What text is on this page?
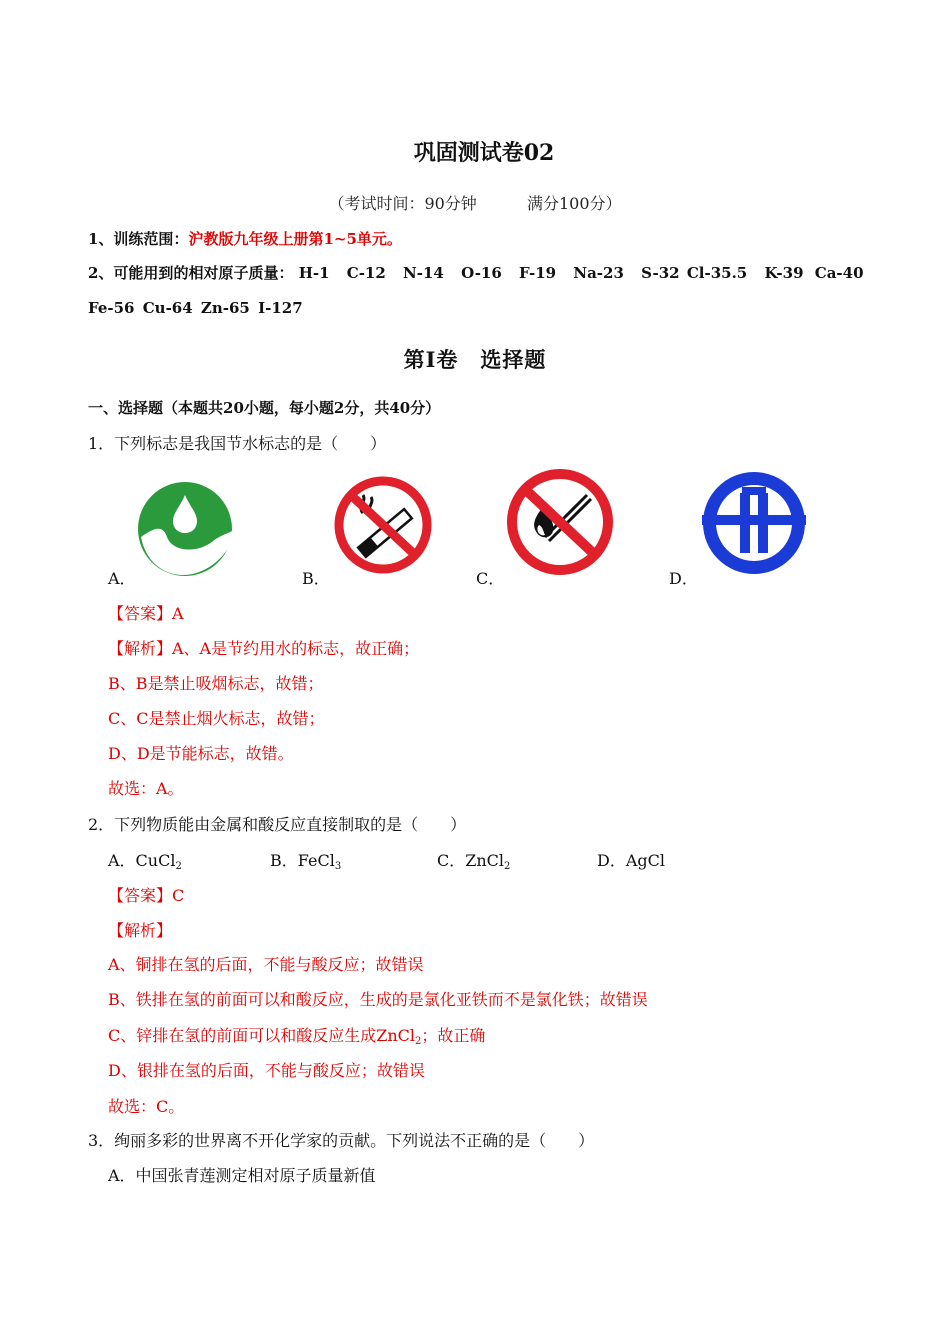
巩固测试卷02
（考试时间：90分钟	满分100分）
1、训练范围：沪教版九年级上册第1~5单元。
2、可能用到的相对原子质量： H-1 C-12 N-14 O-16 F-19 Na-23 S-32 Cl-35.5 K-39 Ca-40
Fe-56 Cu-64 Zn-65 I-127
第Ⅰ卷　选择题
一、选择题（本题共20小题，每小题2分，共40分）
1．下列标志是我国节水标志的是（　　）
A．	B．	C．	D．
【答案】A
【解析】A、A是节约用水的标志，故正确；
B、B是禁止吸烟标志，故错；
C、C是禁止烟火标志，故错；
D、D是节能标志，故错。
故选：A。
2．下列物质能由金属和酸反应直接制取的是（　　）
A．CuCl$_2$	B．FeCl$_3$	C．ZnCl$_2$	D．AgCl
【答案】C
【解析】
A、铜排在氢的后面，不能与酸反应；故错误
B、铁排在氢的前面可以和酸反应，生成的是氯化亚铁而不是氯化铁；故错误
C、锌排在氢的前面可以和酸反应生成ZnCl$_2$；故正确
D、银排在氢的后面，不能与酸反应；故错误
故选：C。
3．绚丽多彩的世界离不开化学家的贡献。下列说法不正确的是（　　）
A．中国张青莲测定相对原子质量新值
